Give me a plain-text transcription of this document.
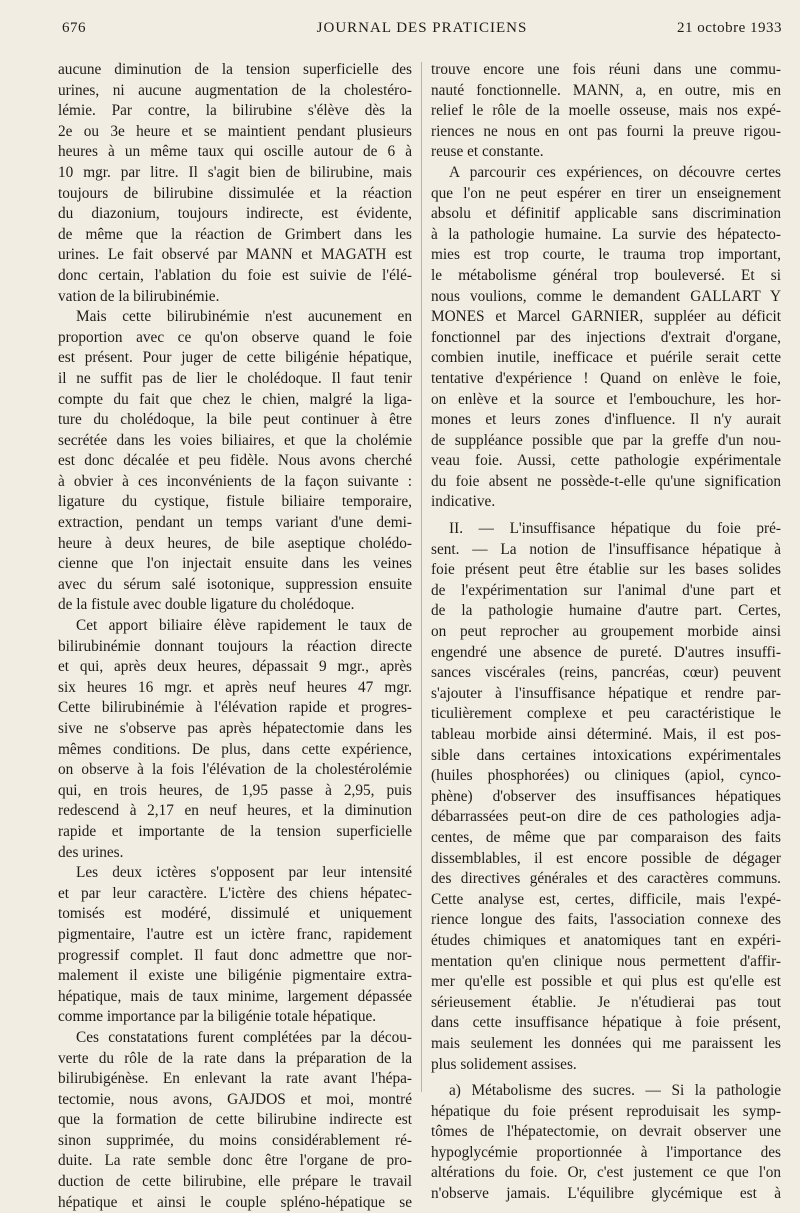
676	JOURNAL DES PRATICIENS	21 octobre 1933
aucune diminution de la tension superficielle des
urines, ni aucune augmentation de la cholestéro-
lémie. Par contre, la bilirubine s'élève dès la
2e ou 3e heure et se maintient pendant plusieurs
heures à un même taux qui oscille autour de 6 à
10 mgr. par litre. Il s'agit bien de bilirubine, mais
toujours de bilirubine dissimulée et la réaction
du diazonium, toujours indirecte, est évidente,
de même que la réaction de Grimbert dans les
urines. Le fait observé par MANN et MAGATH est
donc certain, l'ablation du foie est suivie de l'élé-
vation de la bilirubinémie.
Mais cette bilirubinémie n'est aucunement en
proportion avec ce qu'on observe quand le foie
est présent. Pour juger de cette biligénie hépatique,
il ne suffit pas de lier le cholédoque. Il faut tenir
compte du fait que chez le chien, malgré la liga-
ture du cholédoque, la bile peut continuer à être
secrétée dans les voies biliaires, et que la cholémie
est donc décalée et peu fidèle. Nous avons cherché
à obvier à ces inconvénients de la façon suivante :
ligature du cystique, fistule biliaire temporaire,
extraction, pendant un temps variant d'une demi-
heure à deux heures, de bile aseptique cholédo-
cienne que l'on injectait ensuite dans les veines
avec du sérum salé isotonique, suppression ensuite
de la fistule avec double ligature du cholédoque.
Cet apport biliaire élève rapidement le taux de
bilirubinémie donnant toujours la réaction directe
et qui, après deux heures, dépassait 9 mgr., après
six heures 16 mgr. et après neuf heures 47 mgr.
Cette bilirubinémie à l'élévation rapide et progres-
sive ne s'observe pas après hépatectomie dans les
mêmes conditions. De plus, dans cette expérience,
on observe à la fois l'élévation de la cholestérolémie
qui, en trois heures, de 1,95 passe à 2,95, puis
redescend à 2,17 en neuf heures, et la diminution
rapide et importante de la tension superficielle
des urines.
Les deux ictères s'opposent par leur intensité
et par leur caractère. L'ictère des chiens hépatec-
tomisés est modéré, dissimulé et uniquement
pigmentaire, l'autre est un ictère franc, rapidement
progressif complet. Il faut donc admettre que nor-
malement il existe une biligénie pigmentaire extra-
hépatique, mais de taux minime, largement dépassée
comme importance par la biligénie totale hépatique.
Ces constatations furent complétées par la décou-
verte du rôle de la rate dans la préparation de la
bilirubigénèse. En enlevant la rate avant l'hépa-
tectomie, nous avons, GAJDOS et moi, montré
que la formation de cette bilirubine indirecte est
sinon supprimée, du moins considérablement ré-
duite. La rate semble donc être l'organe de pro-
duction de cette bilirubine, elle prépare le travail
hépatique et ainsi le couple spléno-hépatique se
trouve encore une fois réuni dans une commu-
nauté fonctionnelle. MANN, a, en outre, mis en
relief le rôle de la moelle osseuse, mais nos expé-
riences ne nous en ont pas fourni la preuve rigou-
reuse et constante.
A parcourir ces expériences, on découvre certes
que l'on ne peut espérer en tirer un enseignement
absolu et définitif applicable sans discrimination
à la pathologie humaine. La survie des hépatecto-
mies est trop courte, le trauma trop important,
le métabolisme général trop bouleversé. Et si
nous voulions, comme le demandent GALLART Y
MONES et Marcel GARNIER, suppléer au déficit
fonctionnel par des injections d'extrait d'organe,
combien inutile, inefficace et puérile serait cette
tentative d'expérience ! Quand on enlève le foie,
on enlève et la source et l'embouchure, les hor-
mones et leurs zones d'influence. Il n'y aurait
de suppléance possible que par la greffe d'un nou-
veau foie. Aussi, cette pathologie expérimentale
du foie absent ne possède-t-elle qu'une signification
indicative.
II. — L'insuffisance hépatique du foie pré-
sent. — La notion de l'insuffisance hépatique à
foie présent peut être établie sur les bases solides
de l'expérimentation sur l'animal d'une part et
de la pathologie humaine d'autre part. Certes,
on peut reprocher au groupement morbide ainsi
engendré une absence de pureté. D'autres insuffi-
sances viscérales (reins, pancréas, cœur) peuvent
s'ajouter à l'insuffisance hépatique et rendre par-
ticulièrement complexe et peu caractéristique le
tableau morbide ainsi déterminé. Mais, il est pos-
sible dans certaines intoxications expérimentales
(huiles phosphorées) ou cliniques (apiol, cynco-
phène) d'observer des insuffisances hépatiques
débarrassées peut-on dire de ces pathologies adja-
centes, de même que par comparaison des faits
dissemblables, il est encore possible de dégager
des directives générales et des caractères communs.
Cette analyse est, certes, difficile, mais l'expé-
rience longue des faits, l'association connexe des
études chimiques et anatomiques tant en expéri-
mentation qu'en clinique nous permettent d'affir-
mer qu'elle est possible et qui plus est qu'elle est
sérieusement établie. Je n'étudierai pas tout
dans cette insuffisance hépatique à foie présent,
mais seulement les données qui me paraissent les
plus solidement assises.
a) Métabolisme des sucres. — Si la pathologie
hépatique du foie présent reproduisait les symp-
tômes de l'hépatectomie, on devrait observer une
hypoglycémie proportionnée à l'importance des
altérations du foie. Or, c'est justement ce que l'on
n'observe jamais. L'équilibre glycémique est à
